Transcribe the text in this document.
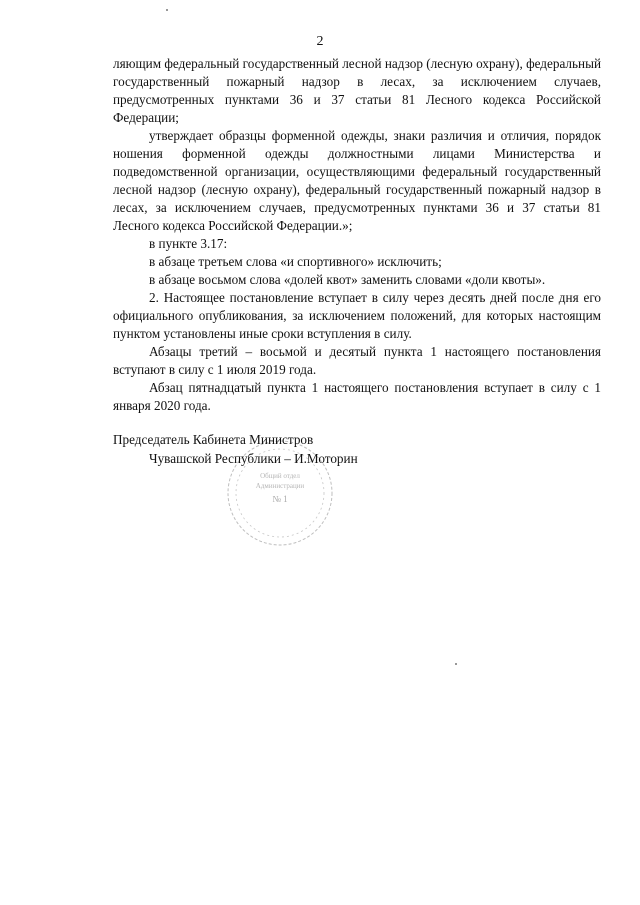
2

ляющим федеральный государственный лесной надзор (лесную охрану), федеральный государственный пожарный надзор в лесах, за исключением случаев, предусмотренных пунктами 36 и 37 статьи 81 Лесного кодекса Российской Федерации;

утверждает образцы форменной одежды, знаки различия и отличия, порядок ношения форменной одежды должностными лицами Министерства и подведомственной организации, осуществляющими федеральный государственный лесной надзор (лесную охрану), федеральный государственный пожарный надзор в лесах, за исключением случаев, предусмотренных пунктами 36 и 37 статьи 81 Лесного кодекса Российской Федерации.»;

в пункте 3.17:

в абзаце третьем слова «и спортивного» исключить;

в абзаце восьмом слова «долей квот» заменить словами «доли квоты».

2. Настоящее постановление вступает в силу через десять дней после дня его официального опубликования, за исключением положений, для которых настоящим пунктом установлены иные сроки вступления в силу.

Абзацы третий – восьмой и десятый пункта 1 настоящего постановления вступают в силу с 1 июля 2019 года.

Абзац пятнадцатый пункта 1 настоящего постановления вступает в силу с 1 января 2020 года.

Общий отдел
Администрации
№ 1
Председатель Кабинета Министров
Чувашской Республики – И.Моторин
